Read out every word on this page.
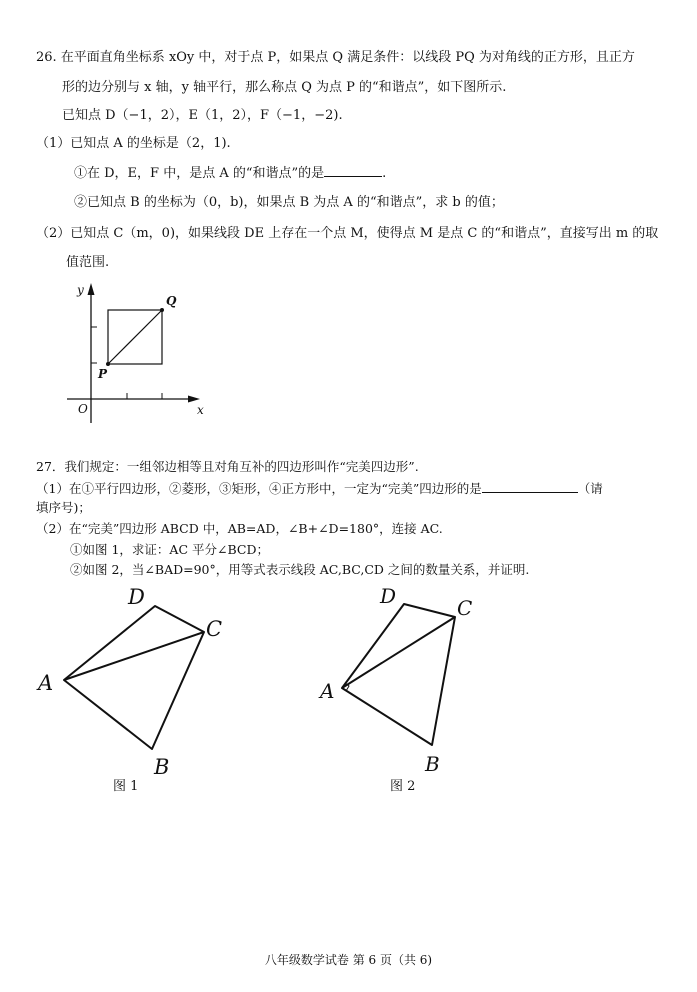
26. 在平面直角坐标系 xOy 中，对于点 P，如果点 Q 满足条件：以线段 PQ 为对角线的正方形，且正方
形的边分别与 x 轴，y 轴平行，那么称点 Q 为点 P 的“和谐点”，如下图所示.
已知点 D（−1，2），E（1，2），F（−1，−2).
（1）已知点 A 的坐标是（2，1).
①在 D，E，F 中，是点 A 的“和谐点”的是	.
②已知点 B 的坐标为（0，b)，如果点 B 为点 A 的“和谐点”，求 b 的值；
（2）已知点 C（m，0)，如果线段 DE 上存在一个点 M，使得点 M 是点 C 的“和谐点”，直接写出 m 的取
值范围.
y
x
O
P
Q
27．我们规定：一组邻边相等且对角互补的四边形叫作“完美四边形”.
（1）在①平行四边形，②菱形，③矩形，④正方形中，一定为“完美”四边形的是	（请
填序号)；
（2）在“完美”四边形 ABCD 中，AB=AD，∠B+∠D=180°，连接 AC.
①如图 1，求证：AC 平分∠BCD；
②如图 2，当∠BAD=90°，用等式表示线段 AC,BC,CD 之间的数量关系，并证明.
A
D
C
B
图 1
A
D	C
B
图 2
八年级数学试卷 第 6 页（共 6)
